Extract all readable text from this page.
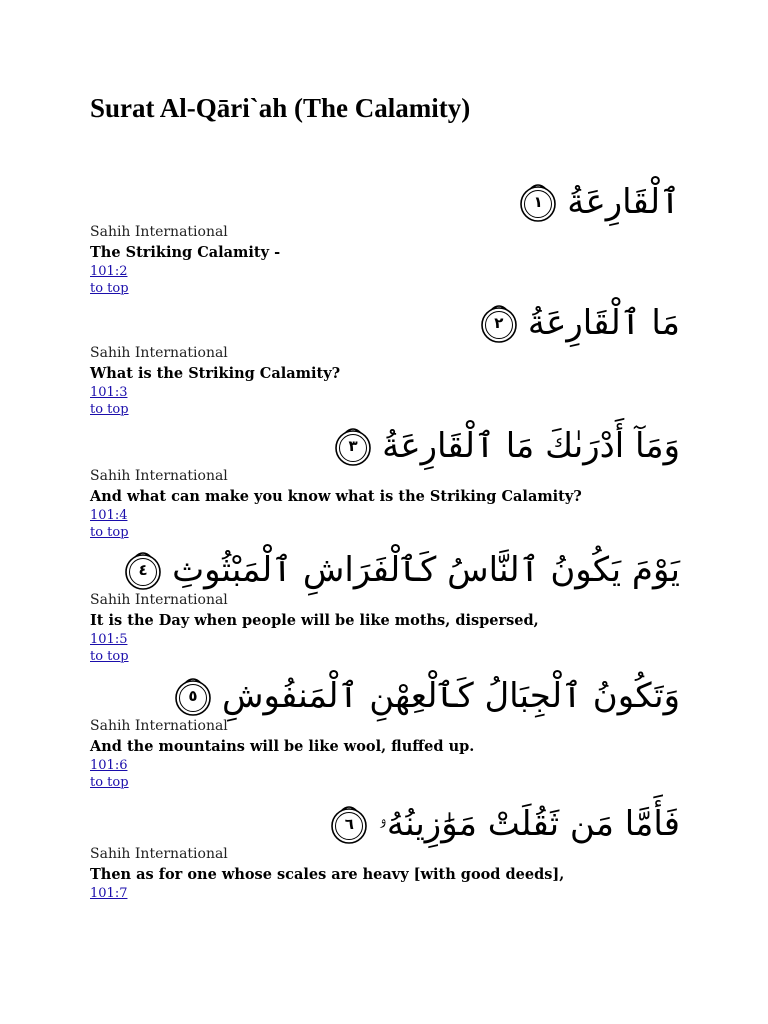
Surat Al-Qāri`ah (The Calamity)
١ ٱلْقَارِعَةُ
Sahih International
The Striking Calamity -
101:2
to top
٢ مَا ٱلْقَارِعَةُ
Sahih International
What is the Striking Calamity?
101:3
to top
٣ وَمَآ أَدْرَىٰكَ مَا ٱلْقَارِعَةُ
Sahih International
And what can make you know what is the Striking Calamity?
101:4
to top
٤ يَوْمَ يَكُونُ ٱلنَّاسُ كَٱلْفَرَاشِ ٱلْمَبْثُوثِ
Sahih International
It is the Day when people will be like moths, dispersed,
101:5
to top
٥ وَتَكُونُ ٱلْجِبَالُ كَٱلْعِهْنِ ٱلْمَنفُوشِ
Sahih International
And the mountains will be like wool, fluffed up.
101:6
to top
٦ فَأَمَّا مَن ثَقُلَتْ مَوَٰزِينُهُۥ
Sahih International
Then as for one whose scales are heavy [with good deeds],
101:7
